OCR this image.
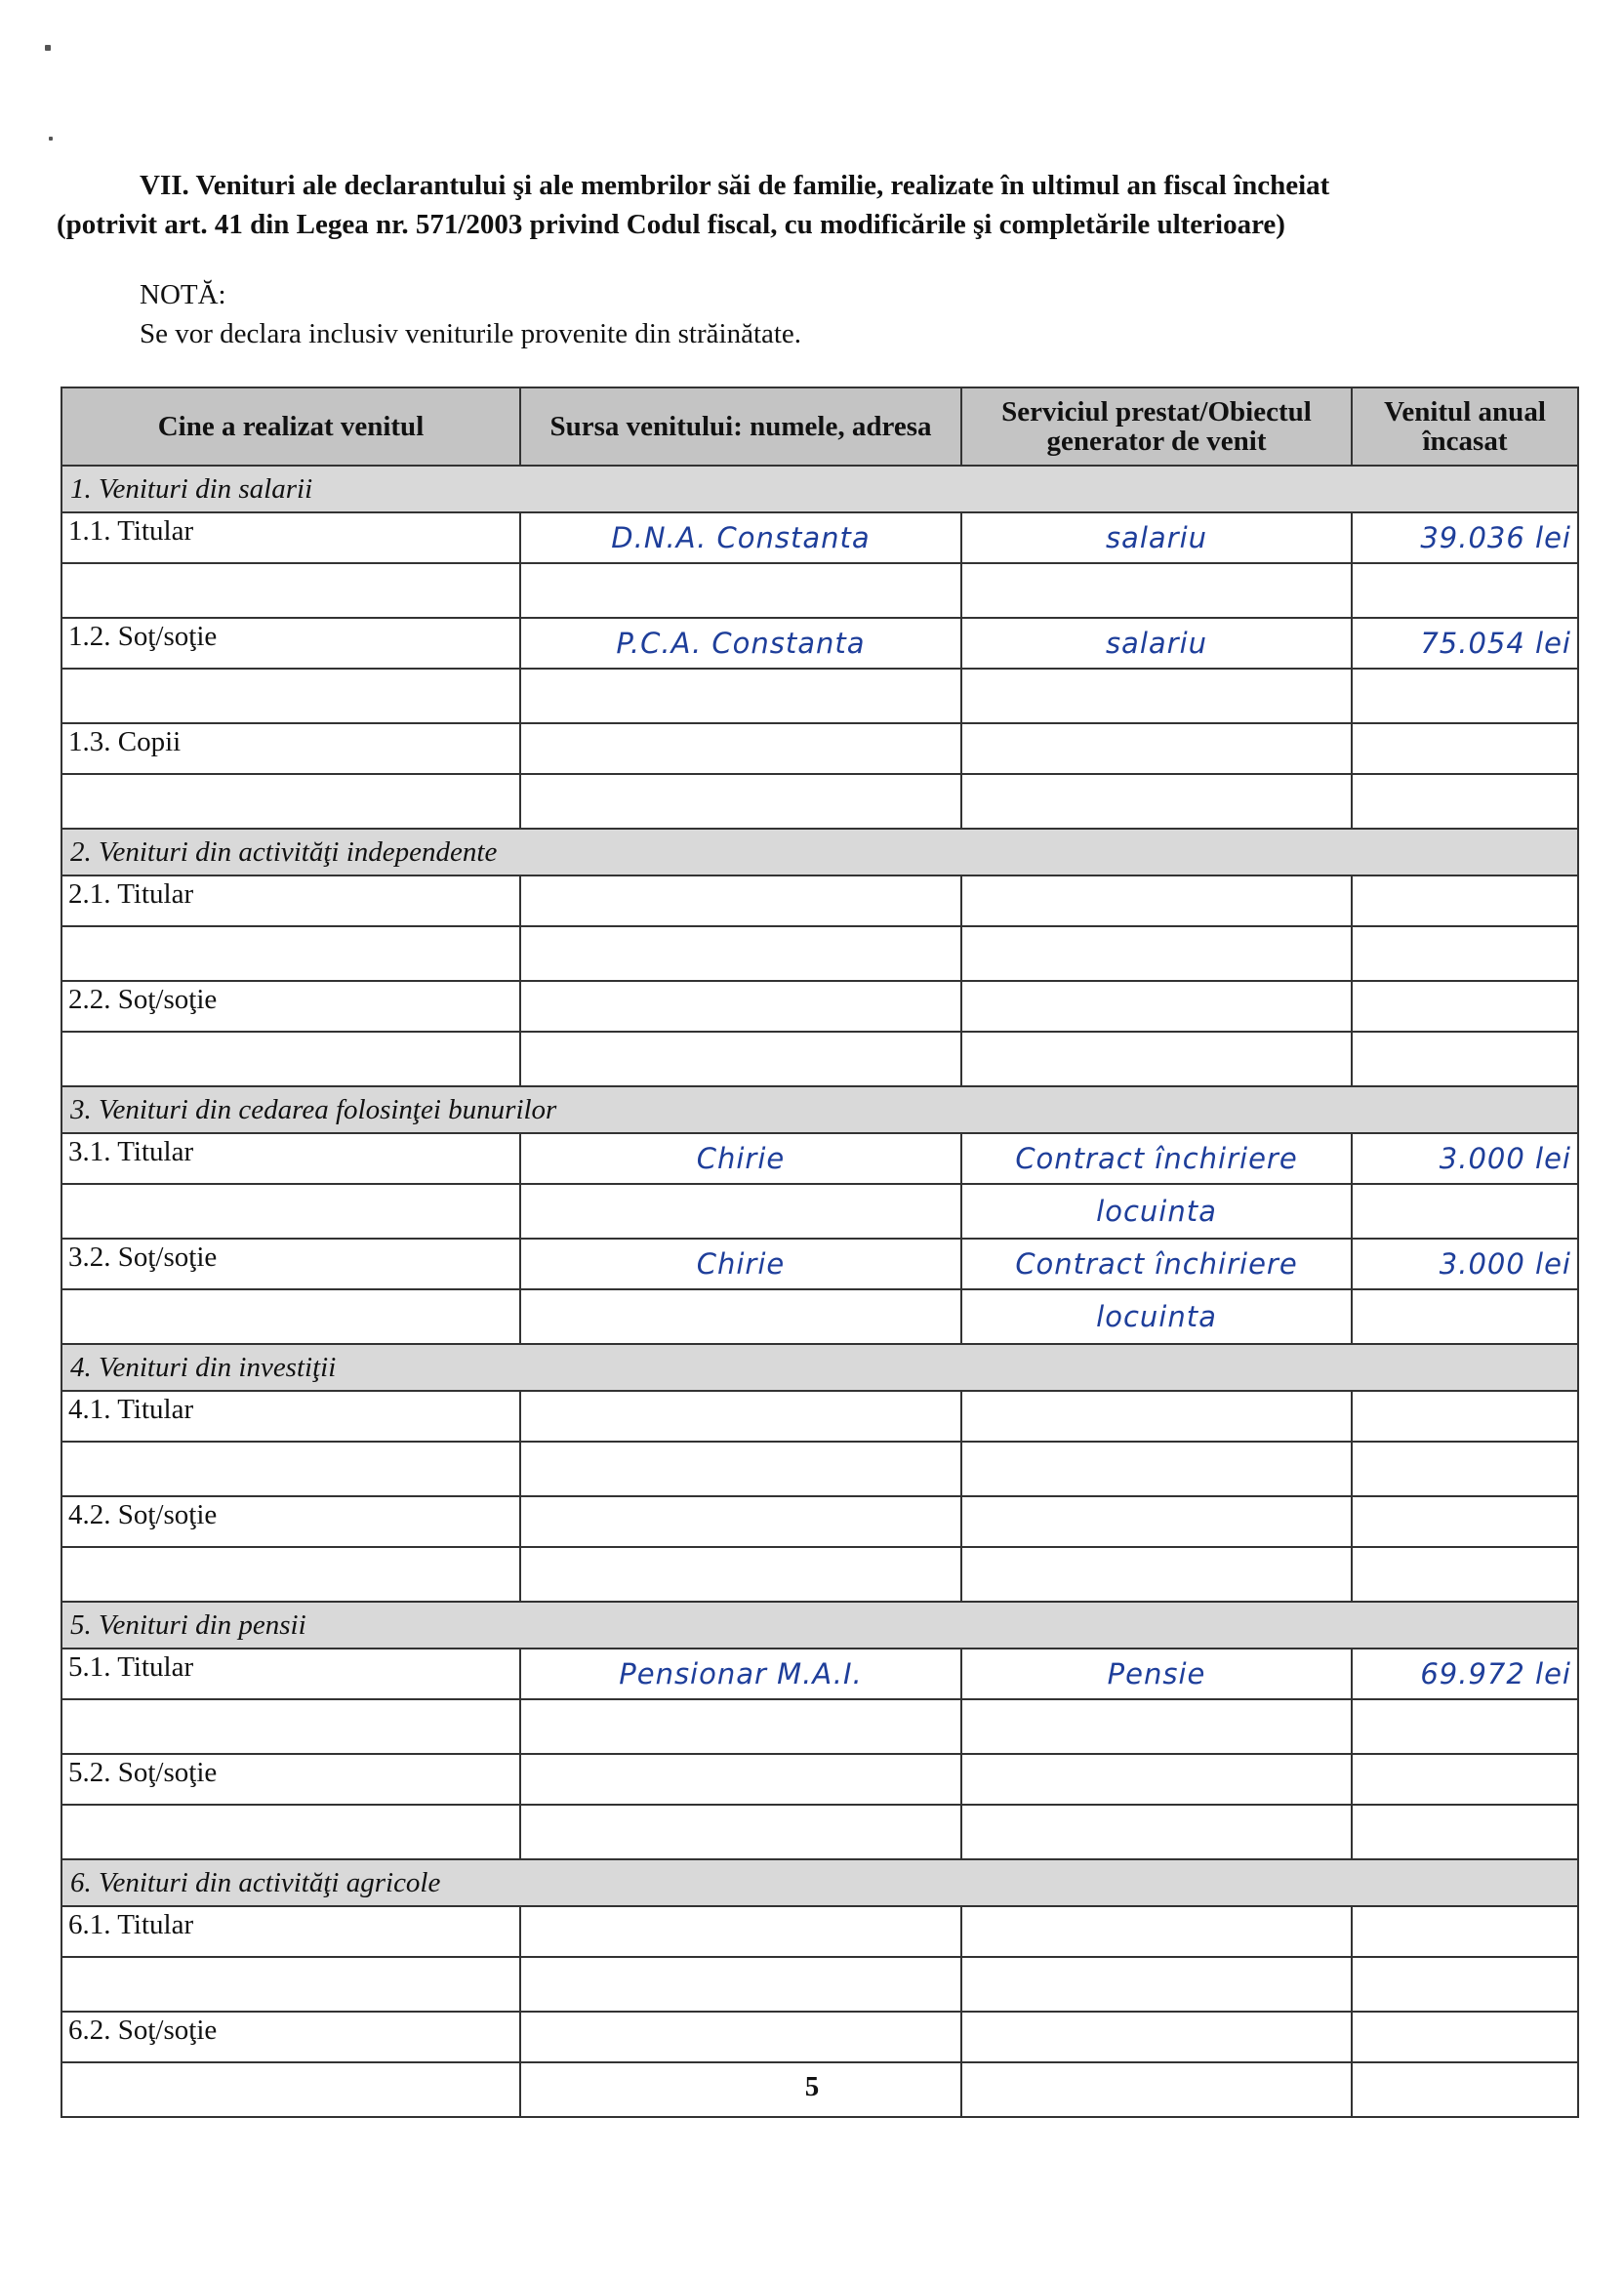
VII. Venituri ale declarantului şi ale membrilor săi de familie, realizate în ultimul an fiscal încheiat
(potrivit art. 41 din Legea nr. 571/2003 privind Codul fiscal, cu modificările şi completările ulterioare)
NOTĂ:
Se vor declara inclusiv veniturile provenite din străinătate.
Cine a realizat venitul	Sursa venitului: numele, adresa	Serviciul prestat/Obiectul generator de venit	Venitul anual încasat
1. Venituri din salarii			
1.1. Titular	D.N.A. Constanta	salariu	39.036 lei

1.2. Soţ/soţie	P.C.A. Constanta	salariu	75.054 lei

1.3. Copii			

2. Venituri din activităţi independente			
2.1. Titular			

2.2. Soţ/soţie			

3. Venituri din cedarea folosinţei bunurilor			
3.1. Titular	Chirie	Contract închiriere	3.000 lei
		locuinta	
3.2. Soţ/soţie	Chirie	Contract închiriere	3.000 lei
		locuinta	
4. Venituri din investiţii			
4.1. Titular			

4.2. Soţ/soţie			

5. Venituri din pensii			
5.1. Titular	Pensionar M.A.I.	Pensie	69.972 lei

5.2. Soţ/soţie			

6. Venituri din activităţi agricole			
6.1. Titular			

6.2. Soţ/soţie			

5
